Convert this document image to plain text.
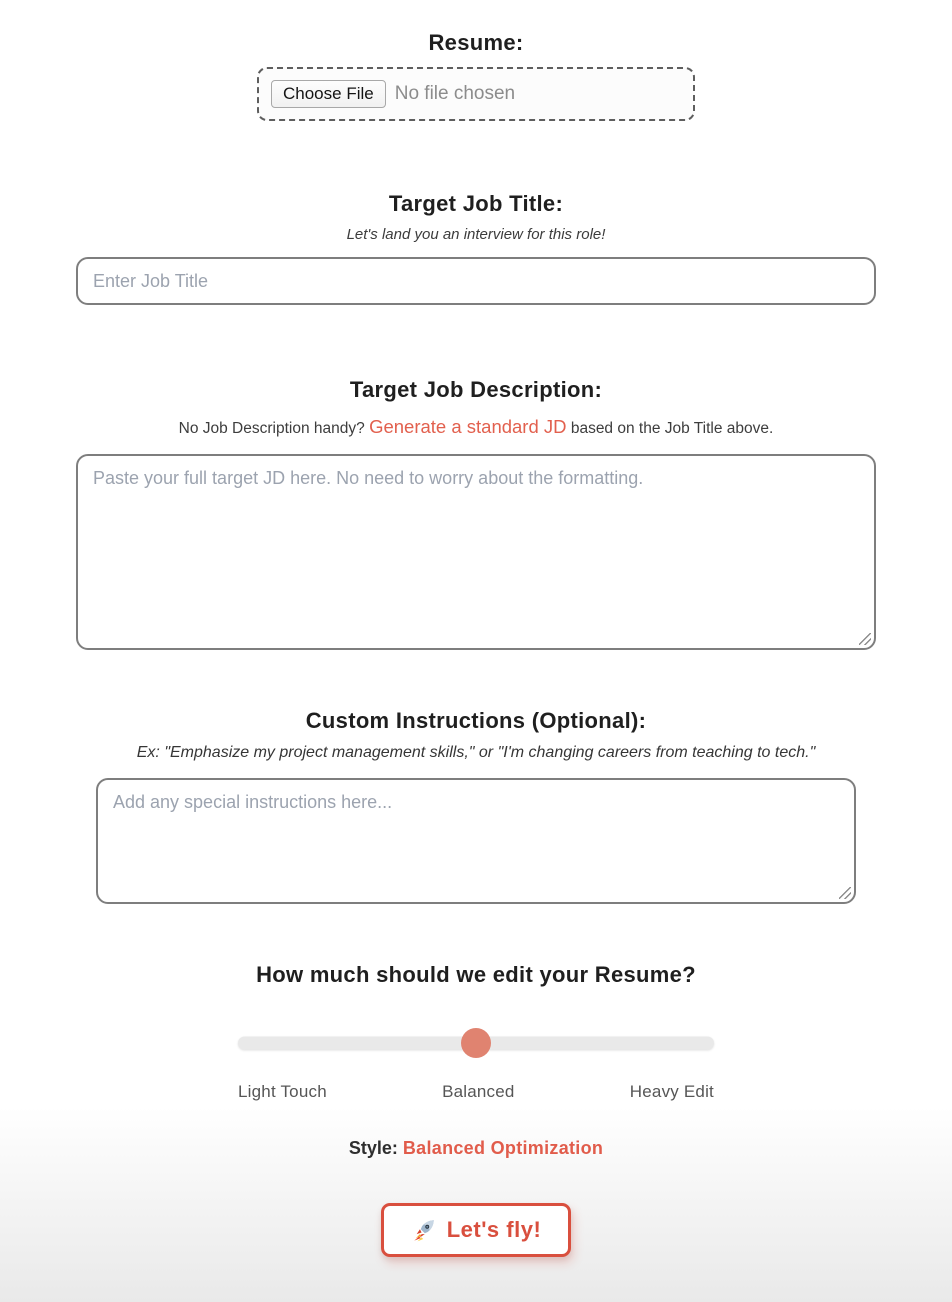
Resume:
Choose File	No file chosen
Target Job Title:
Let's land you an interview for this role!
Enter Job Title
Target Job Description:
No Job Description handy? Generate a standard JD based on the Job Title above.
Paste your full target JD here. No need to worry about the formatting.
Custom Instructions (Optional):
Ex: "Emphasize my project management skills," or "I'm changing careers from teaching to tech."
Add any special instructions here...
How much should we edit your Resume?
Light Touch	Balanced	Heavy Edit
Style: Balanced Optimization
Let's fly!
